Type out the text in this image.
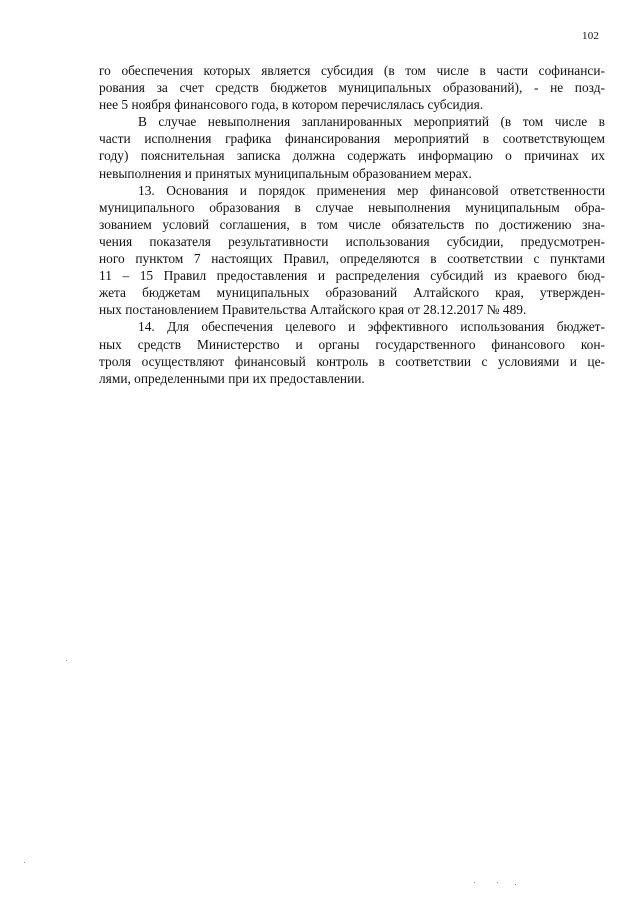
102
го обеспечения которых является субсидия (в том числе в части софинанси-
рования за счет средств бюджетов муниципальных образований), - не позд-
нее 5 ноября финансового года, в котором перечислялась субсидия.
В случае невыполнения запланированных мероприятий (в том числе в
части исполнения графика финансирования мероприятий в соответствующем
году) пояснительная записка должна содержать информацию о причинах их
невыполнения и принятых муниципальным образованием мерах.
13. Основания и порядок применения мер финансовой ответственности
муниципального образования в случае невыполнения муниципальным обра-
зованием условий соглашения, в том числе обязательств по достижению зна-
чения показателя результативности использования субсидии, предусмотрен-
ного пунктом 7 настоящих Правил, определяются в соответствии с пунктами
11 – 15 Правил предоставления и распределения субсидий из краевого бюд-
жета бюджетам муниципальных образований Алтайского края, утвержден-
ных постановлением Правительства Алтайского края от 28.12.2017 № 489.
14. Для обеспечения целевого и эффективного использования бюджет-
ных средств Министерство и органы государственного финансового кон-
троля осуществляют финансовый контроль в соответствии с условиями и це-
лями, определенными при их предоставлении.
